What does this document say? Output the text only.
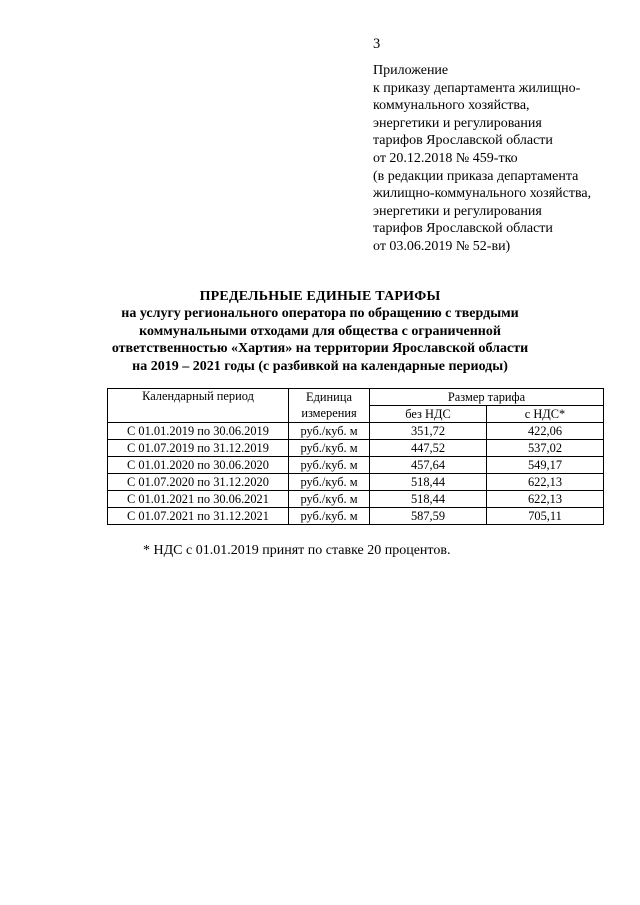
3
Приложение
к приказу департамента жилищно-
коммунального хозяйства,
энергетики и регулирования
тарифов Ярославской области
от 20.12.2018 № 459-тко
(в редакции приказа департамента
жилищно-коммунального хозяйства,
энергетики и регулирования
тарифов Ярославской области
от 03.06.2019 № 52-ви)
ПРЕДЕЛЬНЫЕ ЕДИНЫЕ ТАРИФЫ
на услугу регионального оператора по обращению с твердыми
коммунальными отходами для общества с ограниченной
ответственностью «Хартия» на территории Ярославской области
на 2019 – 2021 годы (с разбивкой на календарные периоды)
Календарный период	Единица	Размер тарифа	
	измерения	без НДС	с НДС*
С 01.01.2019 по 30.06.2019	руб./куб. м	351,72	422,06
С 01.07.2019 по 31.12.2019	руб./куб. м	447,52	537,02
С 01.01.2020 по 30.06.2020	руб./куб. м	457,64	549,17
С 01.07.2020 по 31.12.2020	руб./куб. м	518,44	622,13
С 01.01.2021 по 30.06.2021	руб./куб. м	518,44	622,13
С 01.07.2021 по 31.12.2021	руб./куб. м	587,59	705,11
* НДС с 01.01.2019 принят по ставке 20 процентов.
